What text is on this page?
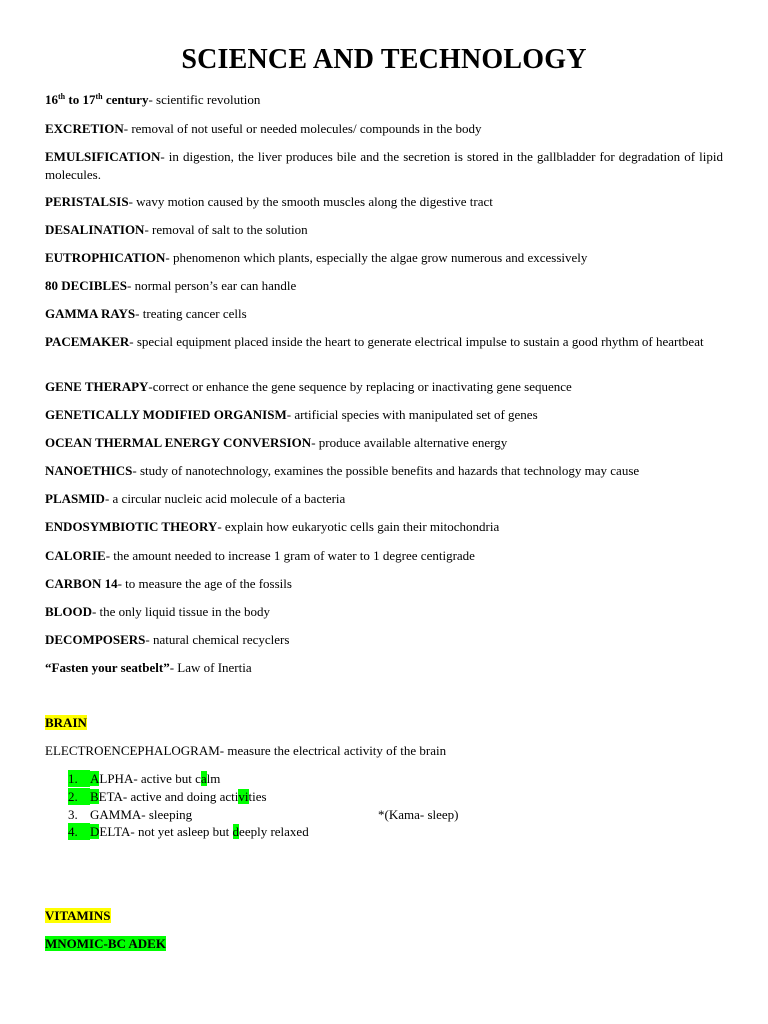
SCIENCE AND TECHNOLOGY
16th to 17th century- scientific revolution
EXCRETION- removal of not useful or needed molecules/ compounds in the body
EMULSIFICATION- in digestion, the liver produces bile and the secretion is stored in the gallbladder for degradation of lipid molecules.
PERISTALSIS- wavy motion caused by the smooth muscles along the digestive tract
DESALINATION- removal of salt to the solution
EUTROPHICATION- phenomenon which plants, especially the algae grow numerous and excessively
80 DECIBLES- normal person’s ear can handle
GAMMA RAYS- treating cancer cells
PACEMAKER- special equipment placed inside the heart to generate electrical impulse to sustain a good rhythm of heartbeat
GENE THERAPY-correct or enhance the gene sequence by replacing or inactivating gene sequence
GENETICALLY MODIFIED ORGANISM- artificial species with manipulated set of genes
OCEAN THERMAL ENERGY CONVERSION- produce available alternative energy
NANOETHICS- study of nanotechnology, examines the possible benefits and hazards that technology may cause
PLASMID- a circular nucleic acid molecule of a bacteria
ENDOSYMBIOTIC THEORY- explain how eukaryotic cells gain their mitochondria
CALORIE- the amount needed to increase 1 gram of water to 1 degree centigrade
CARBON 14- to measure the age of the fossils
BLOOD- the only liquid tissue in the body
DECOMPOSERS- natural chemical recyclers
“Fasten your seatbelt”- Law of Inertia
BRAIN
ELECTROENCEPHALOGRAM- measure the electrical activity of the brain
1. ALPHA- active but calm
2. BETA- active and doing activities
3. GAMMA- sleeping	*(Kama- sleep)
4. DELTA- not yet asleep but deeply relaxed
VITAMINS
MNOMIC-BC ADEK
